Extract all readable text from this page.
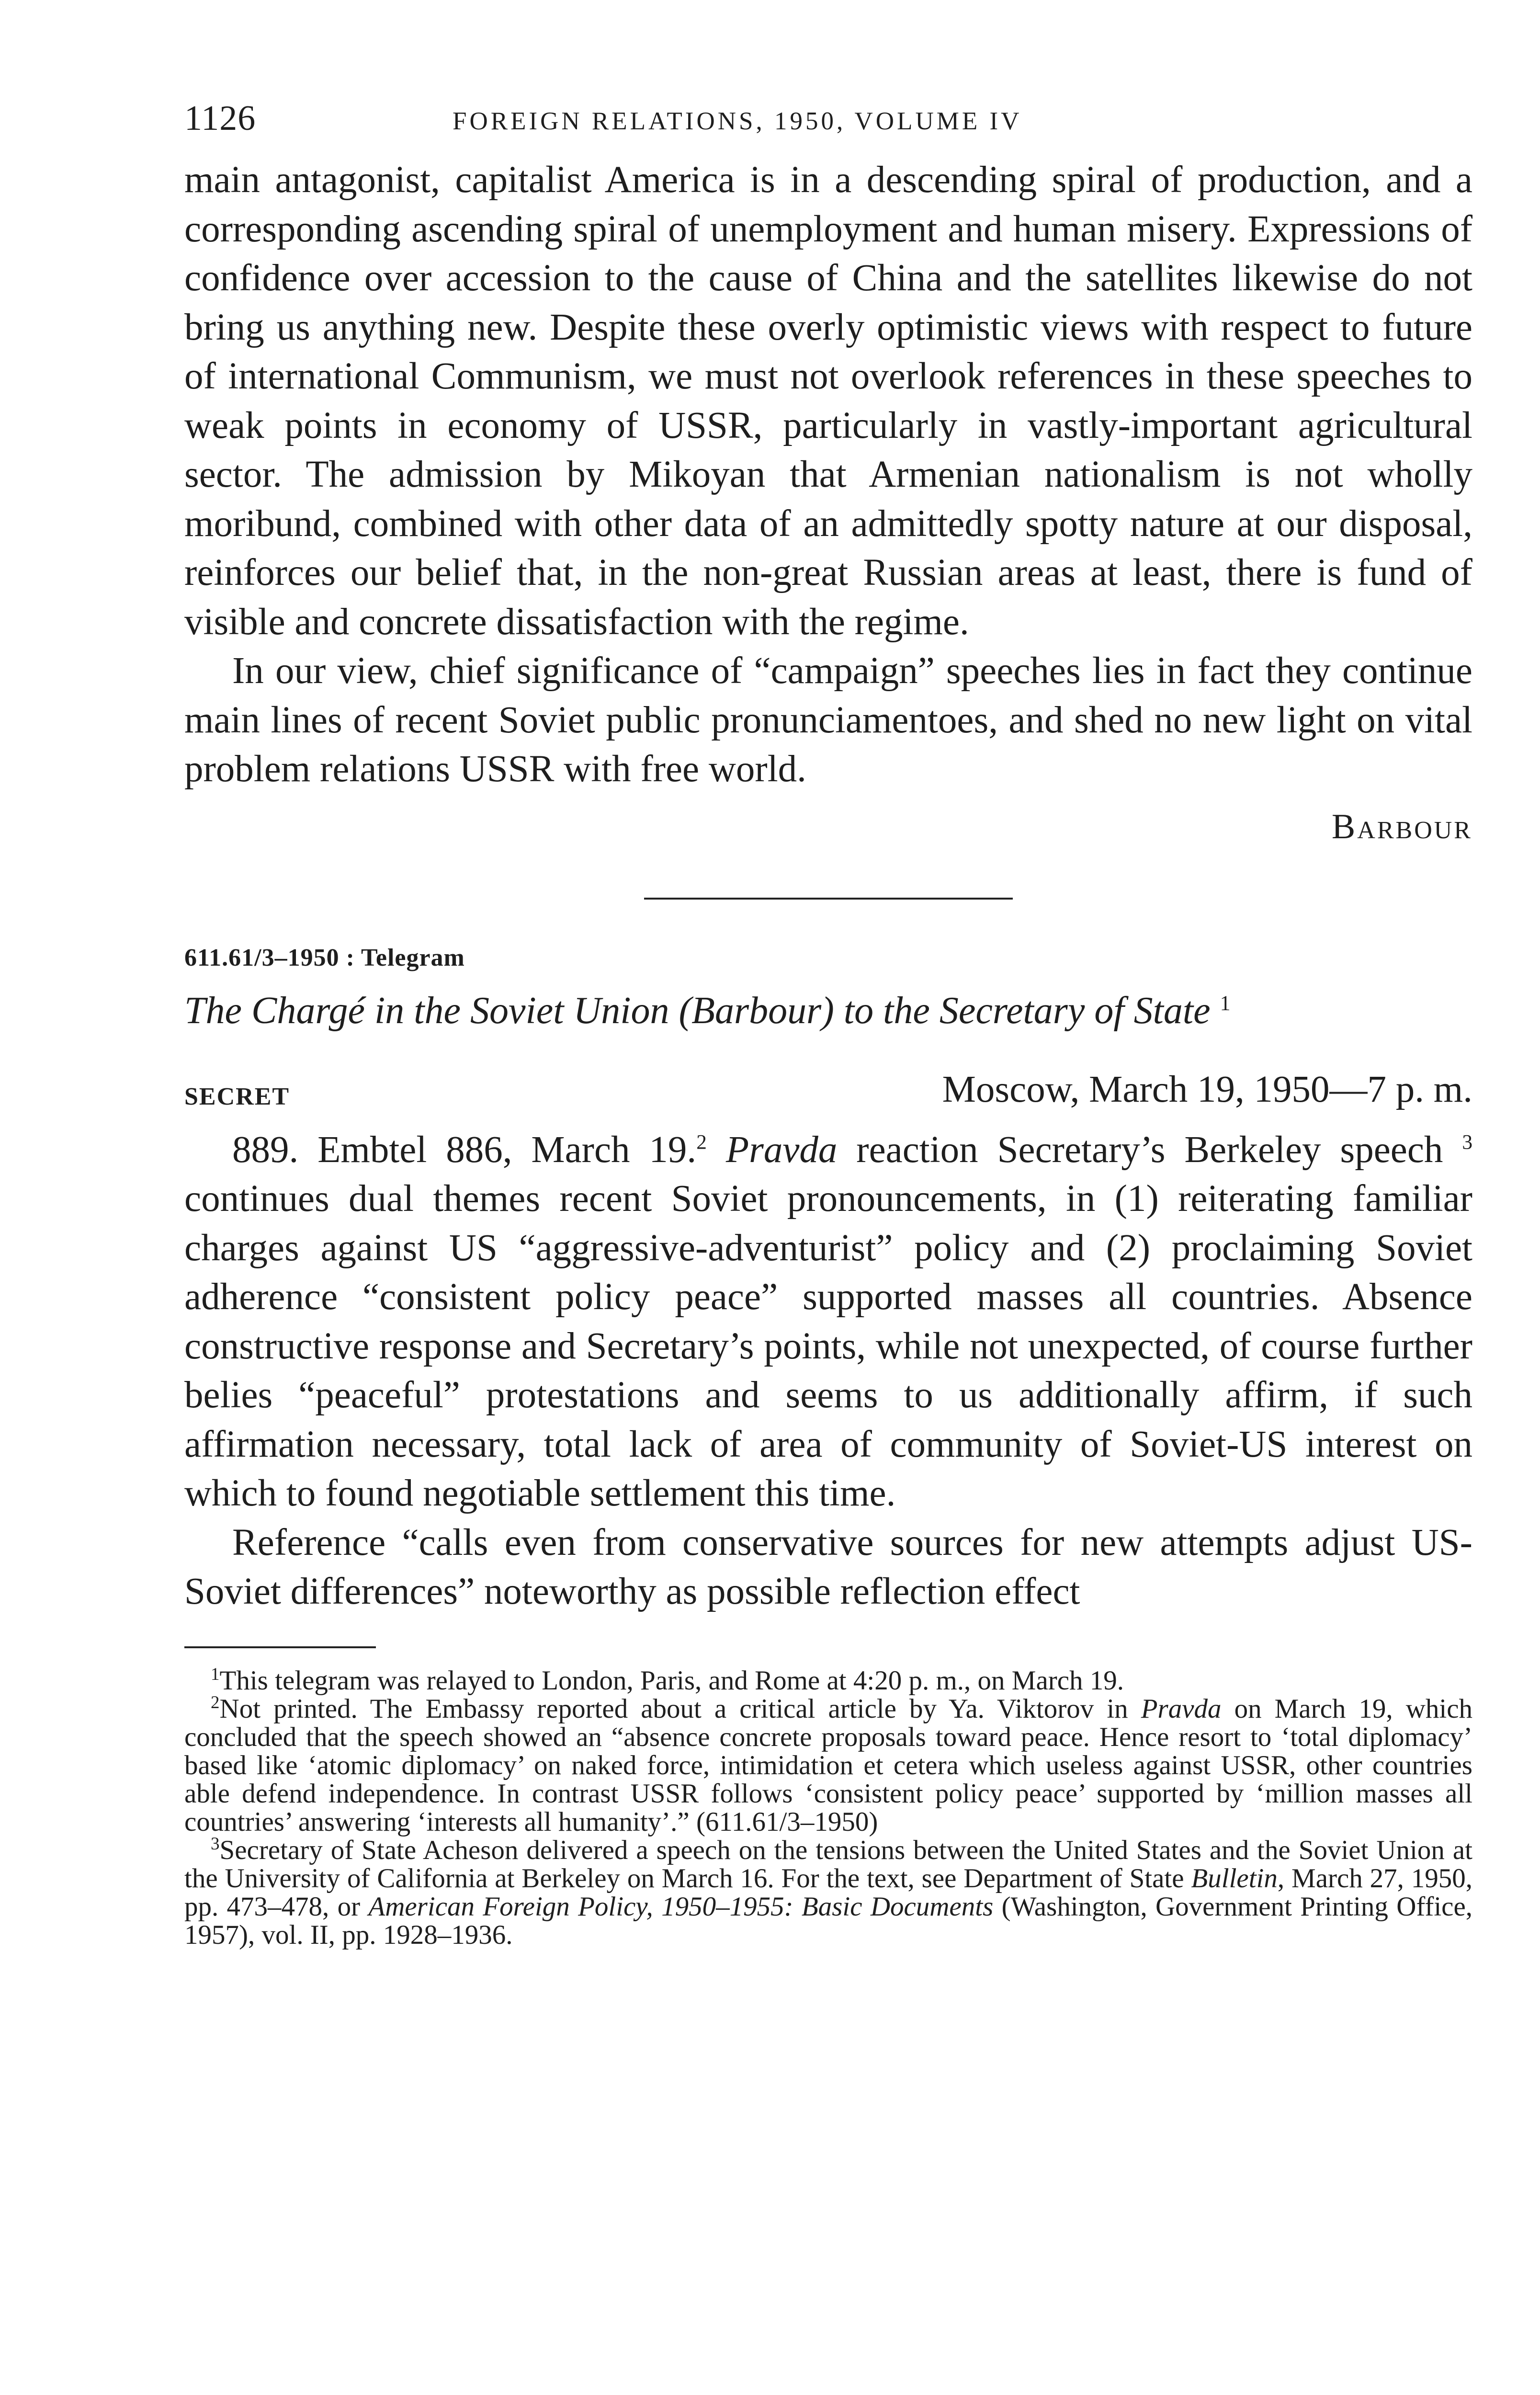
1126	FOREIGN RELATIONS, 1950, VOLUME IV

main antagonist, capitalist America is in a descending spiral of production, and a corresponding ascending spiral of unemployment and human misery. Expressions of confidence over accession to the cause of China and the satellites likewise do not bring us anything new. Despite these overly optimistic views with respect to future of international Communism, we must not overlook references in these speeches to weak points in economy of USSR, particularly in vastly-important agricultural sector. The admission by Mikoyan that Armenian nationalism is not wholly moribund, combined with other data of an admittedly spotty nature at our disposal, reinforces our belief that, in the non-great Russian areas at least, there is fund of visible and concrete dissatisfaction with the regime.

In our view, chief significance of “campaign” speeches lies in fact they continue main lines of recent Soviet public pronunciamentoes, and shed no new light on vital problem relations USSR with free world.

Barbour
611.61/3–1950 : Telegram
The Chargé in the Soviet Union (Barbour) to the Secretary of State $^1$
SECRET	Moscow, March 19, 1950—7 p. m.

889. Embtel 886, March 19.$^2$ Pravda reaction Secretary’s Berkeley speech $^3$ continues dual themes recent Soviet pronouncements, in (1) reiterating familiar charges against US “aggressive-adventurist” policy and (2) proclaiming Soviet adherence “consistent policy peace” supported masses all countries. Absence constructive response and Secretary’s points, while not unexpected, of course further belies “peaceful” protestations and seems to us additionally affirm, if such affirmation necessary, total lack of area of community of Soviet-US interest on which to found negotiable settlement this time.

Reference “calls even from conservative sources for new attempts adjust US-Soviet differences” noteworthy as possible reflection effect

$^1$This telegram was relayed to London, Paris, and Rome at 4:20 p. m., on March 19.

$^2$Not printed. The Embassy reported about a critical article by Ya. Viktorov in Pravda on March 19, which concluded that the speech showed an “absence concrete proposals toward peace. Hence resort to ‘total diplomacy’ based like ‘atomic diplomacy’ on naked force, intimidation et cetera which useless against USSR, other countries able defend independence. In contrast USSR follows ‘consistent policy peace’ supported by ‘million masses all countries’ answering ‘interests all humanity’.” (611.61/3–1950)

$^3$Secretary of State Acheson delivered a speech on the tensions between the United States and the Soviet Union at the University of California at Berkeley on March 16. For the text, see Department of State Bulletin, March 27, 1950, pp. 473–478, or American Foreign Policy, 1950–1955: Basic Documents (Washington, Government Printing Office, 1957), vol. II, pp. 1928–1936.
